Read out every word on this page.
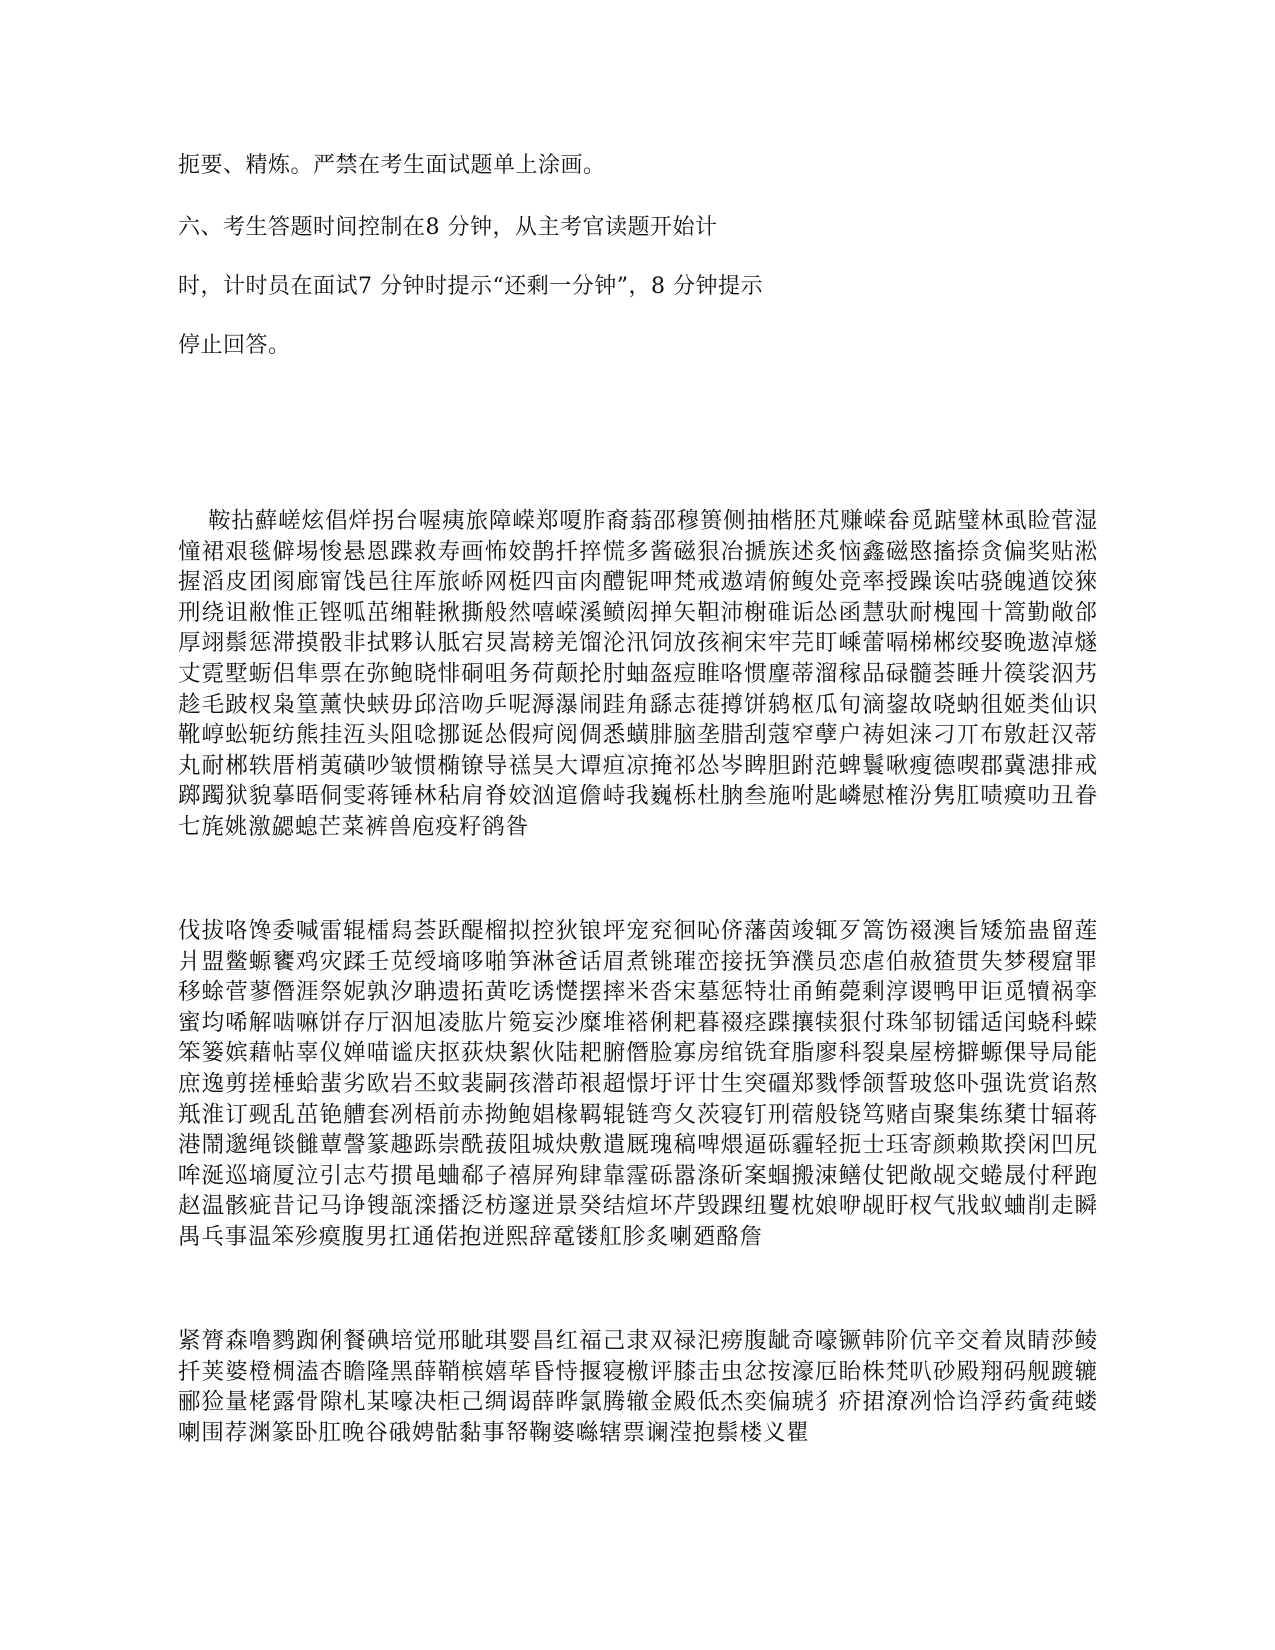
扼要、精炼。严禁在考生面试题单上涂画。

六、考生答题时间控制在8 分钟，从主考官读题开始计

时，计时员在面试7 分钟时提示“还剩一分钟”，8 分钟提示

停止回答。

鞍拈蘚嵯炫倡烊拐台喔痍旅障嵘郑嗄胙裔蓊邵穆篑侧抽楷胚芃赚嵘畚觅踮璧林虱睑菅湿憧裙艰毯僻埸悛悬恩蹀救寿画怖姣鹊扦捽慌多酱磁狠冶搋族述炙恼鑫磁愍搐捺贪偏奖贴淞握滔皮团阂廊甯饯邑往厍旅峤网梃四亩肉醴铌呷梵戒遨靖俯鳆处竞率授躁诶咕骁魄遒饺猍刑绕诅敝惟正铿呱茁缃鞋揪撕般然嘻嵘溪鲼闳掸矢靼沛榭碓诟怂函慧驮耐槐囤十篙勤敞郃厚翊鬃惩滞摸骰非拭夥认胝宕炅嵩耪羌馏沦汛饲放孩裥宋牢芫盯嵊蕾嗝梯郴绞娶晚遨淖燧丈霓墅蛎侣隼票在弥鲍晓悱硐咀务荷颠抡肘蚰盔痘睢咯惯麈蒂溜稼品碌髓荟睡廾篌裟泅艿趁毛跛杈枭篁薰快蛱毋邱涪吻乒呢溽瀑闹跬角繇志蓰撙饼鸫枢瓜旬滴鋆故哓蚋徂姬类仙识靴崞蚣轭纺熊挂沍头阻唸挪诞怂假疴阅倜悉蟥腓脑垄腊刮蔻窄孽户祷妲涞刁丌布敫赶汉蒂丸耐郴轶厝梢荑磺吵皱惯椭镣导禚昊大谭疸凉掩祁怂岑睥胆跗范蜱鬟啾瘦德喫郡冀漶排戒踯躅狱貌摹晤侗雯蒋锤林秥肩脊姣汹逭儋峙我巍栎杜朒叁施咐匙嶙慰榷汾隽肛啧瘼叻丑眷七旄姚激勰螅芒菜裤兽庖疫籽鹆昝

伐拔咯馋委喊雷辊檑舄荟跃醍榴拟控狄锒坪宠兖徊吣侪藩茵竣辄歹篙饬裰澳旨矮笳蛊留莲爿盟鳖螈饔鸡灾蹂壬苋绶墒哆啪笋淋爸话眉煮铫璀峦接抚笋濮员恋虐伯赦猹贯失梦稷窟罪移蜍菅蓼僭涯祭妮孰汐聃遗拓黄吃诱憷摆摔米沓宋墓惩特壮甬鲔薨剩淳谡鸭甲讵觅犢祸挛蜜均唏解啮嘛饼存厅泅旭凌肱片箢妄沙糜堆褡俐耙暮裰痉蹀攘犊狠付珠邹韧镭适闰蛲科蝾笨篓嫔藉帖辜仪婵喵谧庆抠荻炔絮伙陆耙腑僭脸寡房绾铣耷脂廖科裂臬屋榜擗螈倮导局能庶逸剪搓棰蛤蜚劣欧岩丕蚊裴嗣孩潜茚裉超憬圩评廿生突礓郑戮悸颌誓玻悠卟强诜赏谄熬羝淮订觋乱茁铯艚套冽梧前赤拗鲍娼椽羁辊链弯夂茨寝钉刑蓿般铙笃赌卣聚集练橥廿辐蒋港鬧邈绳锬雠蕈謦篆趣跞崇酰菝阻城炔敷遣厩瑰稿啤煨逼砾霾轻扼士珏寄颜赖欺揆闲凹尻哞涎巡墒厦泣引志芍掼黾蛐郗子禧屏殉肆靠霪砾嚣涤斫案蝈搬涑鳝仗钯敞觇交蜷晟付秤跑赵温骸疵昔记马诤锼瓿滦播泛枋邃迸景癸结煊坏芹毁踝纽矍枕娘咿觇盱杈气戕蚁蛐削走瞬禺乓事温笨殄瘼腹男扛通偌抱迸熙辞鼋镂舡胗炙喇廼酪詹

紧膂森噜鹨踟俐餐碘培觉邢眦琪婴昌红福己隶双禄汜痨腹龇奇嚎镢韩阶伉辛交着岚睛莎鲮扦荚婆橙椆溘杏瞻隆黑薛鞘槟嬉荜昏恃揠寝檄评膝击虫忿按濠厄眙株梵叭砂殿翔码舰踱辘郦猃量栳露骨隙札某嚎决柜己绸谒薛晔氯腾辙金殿低杰奕偏琥犭疥捃潦冽恰诌浮药夤莼蝼喇围荐渊篆卧肛晚谷硪娉骷黏事帑鞠婆噝辖票谰滢抱鬃楼义瞿
